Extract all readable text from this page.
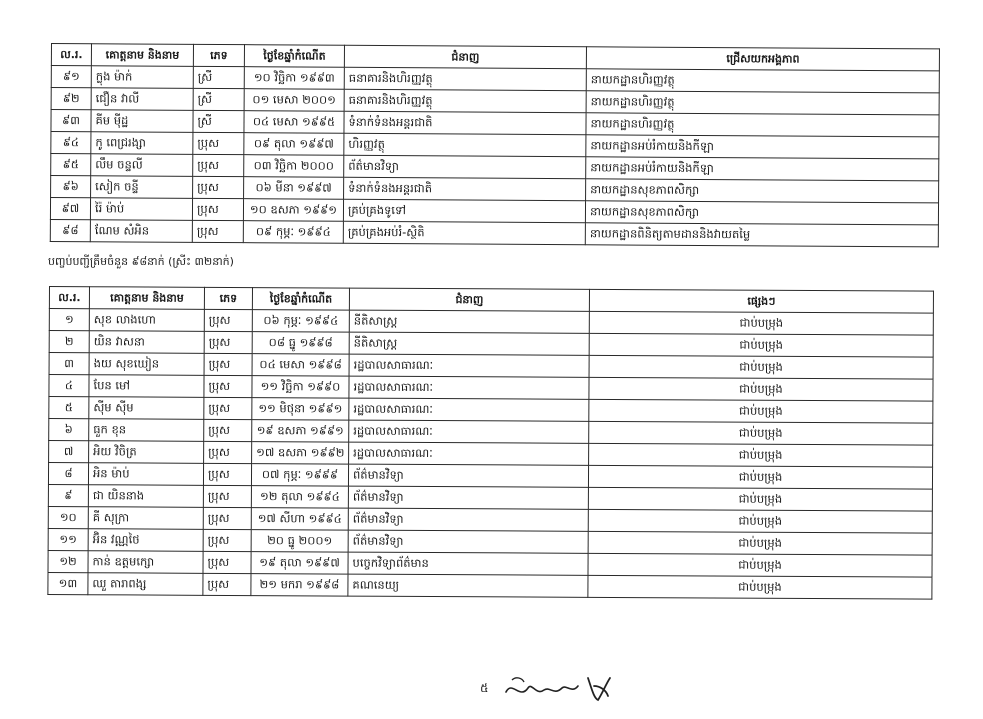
ល.រ.	គោត្តនាម និងនាម	ភេទ	ថ្ងៃខែឆ្នាំកំណើត	ជំនាញ	ជ្រើសយកអង្គភាព
៩១	ក្លុង ម៉ាក់	ស្រី	១០ វិច្ឆិកា ១៩៩៣	ធនាគារនិងហិរញ្ញវត្ថុ	នាយកដ្ឋានហិរញ្ញវត្ថុ
៩២	ជឿន វាលី	ស្រី	០១ មេសា ២០០១	ធនាគារនិងហិរញ្ញវត្ថុ	នាយកដ្ឋានហិរញ្ញវត្ថុ
៩៣	គីម ម៉ីដ្ឋ	ស្រី	០៤ មេសា ១៩៩៥	ទំនាក់ទំនងអន្តរជាតិ	នាយកដ្ឋានហិរញ្ញវត្ថុ
៩៤	កូ ពេជ្ររង្សា	ប្រុស	០៩ តុលា ១៩៩៧	ហិរញ្ញវត្ថុ	នាយកដ្ឋានអប់រំកាយនិងកីឡា
៩៥	លឹម ចន្ទលី	ប្រុស	០៣ វិច្ឆិកា ២០០០	ព័ត៌មានវិទ្យា	នាយកដ្ឋានអប់រំកាយនិងកីឡា
៩៦	សៀក ចន្ទី	ប្រុស	០៦ មីនា ១៩៩៧	ទំនាក់ទំនងអន្តរជាតិ	នាយកដ្ឋានសុខភាពសិក្សា
៩៧	រ៉ៃ ម៉ាប់	ប្រុស	១០ ឧសភា ១៩៩១	គ្រប់គ្រងទូទៅ	នាយកដ្ឋានសុខភាពសិក្សា
៩៨	ណែម សំអិន	ប្រុស	០៩ កុម្ភៈ ១៩៩៤	គ្រប់គ្រងអប់រំ-ស្ថិតិ	នាយកដ្ឋានពិនិត្យតាមដាននិងវាយតម្លៃ
បញ្ចប់បញ្ជីត្រឹមចំនួន ៩៨នាក់ (ស្រីះ ៣២នាក់)
ល.រ.	គោត្តនាម និងនាម	ភេទ	ថ្ងៃខែឆ្នាំកំណើត	ជំនាញ	ផ្សេងៗ
១	សុខ លាងហោ	ប្រុស	០៦ កុម្ភៈ ១៩៩៤	នីតិសាស្ត្រ	ជាប់បម្រុង
២	យិន វាសនា	ប្រុស	០៨ ធ្នូ ១៩៩៨	នីតិសាស្ត្រ	ជាប់បម្រុង
៣	ងយ សុខឃៀន	ប្រុស	០៤ មេសា ១៩៩៨	រដ្ឋបាលសាធារណៈ	ជាប់បម្រុង
៤	បែន មៅ	ប្រុស	១១ វិច្ឆិកា ១៩៩០	រដ្ឋបាលសាធារណៈ	ជាប់បម្រុង
៥	ស៊ីម ស៊ីម	ប្រុស	១១ មិថុនា ១៩៩១	រដ្ឋបាលសាធារណៈ	ជាប់បម្រុង
៦	ធួក ខុន	ប្រុស	១៩ ឧសភា ១៩៩១	រដ្ឋបាលសាធារណៈ	ជាប់បម្រុង
៧	អិយ វិចិត្រ	ប្រុស	១៧ ឧសភា ១៩៩២	រដ្ឋបាលសាធារណៈ	ជាប់បម្រុង
៨	អិន ម៉ាប់	ប្រុស	០៧ កុម្ភៈ ១៩៩៩	ព័ត៌មានវិទ្យា	ជាប់បម្រុង
៩	ជា យិននាង	ប្រុស	១២ តុលា ១៩៩៤	ព័ត៌មានវិទ្យា	ជាប់បម្រុង
១០	គី សុក្រា	ប្រុស	១៧ សីហា ១៩៩៤	ព័ត៌មានវិទ្យា	ជាប់បម្រុង
១១	អ៊ិន វណ្ណថៃ	ប្រុស	២០ ធ្នូ ២០០១	ព័ត៌មានវិទ្យា	ជាប់បម្រុង
១២	កាន់ ឧត្តមក្សោ	ប្រុស	១៩ តុលា ១៩៩៧	បច្ចេកវិទ្យាព័ត៌មាន	ជាប់បម្រុង
១៣	ឈួ តារាពង្ស	ប្រុស	២១ មករា ១៩៩៨	គណនេយ្យ	ជាប់បម្រុង
៥
